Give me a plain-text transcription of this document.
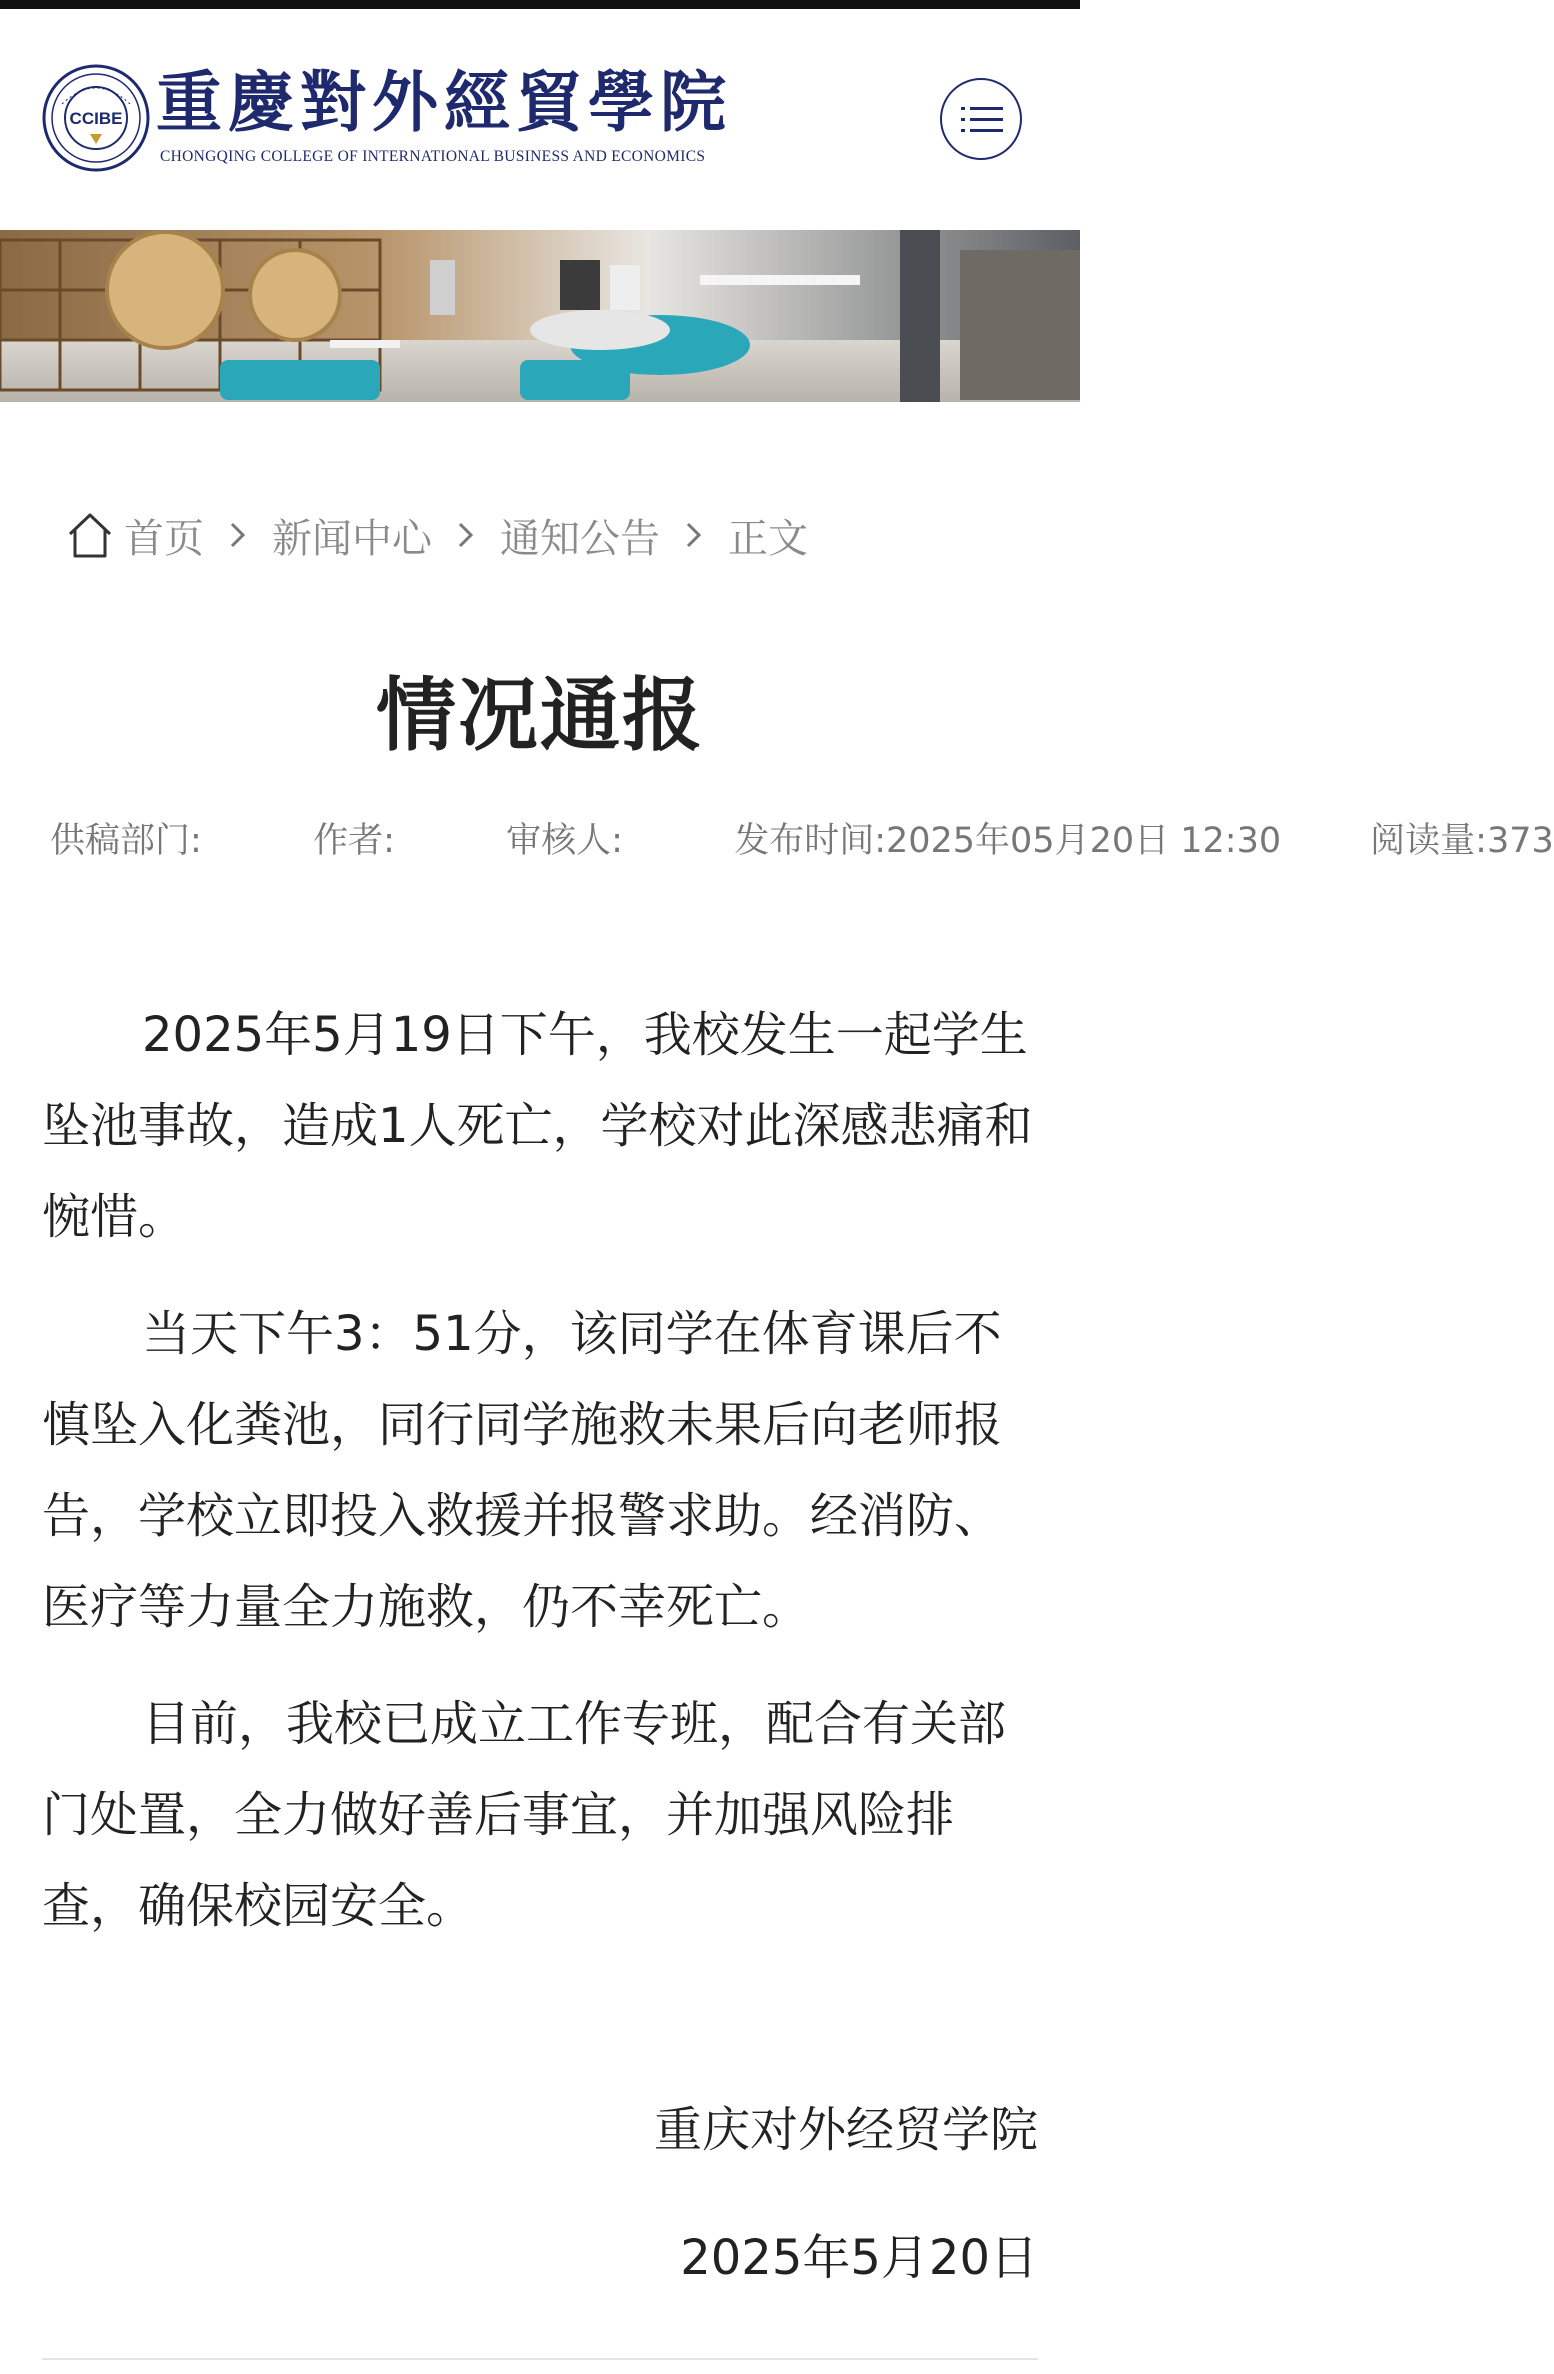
CCIBE 重慶對外經貿學院
CHONGQING COLLEGE OF INTERNATIONAL BUSINESS AND ECONOMICS
首页 新闻中心 通知公告 正文
情况通报
供稿部门:	作者:	审核人:	发布时间:2025年05月20日 12:30	阅读量:373

2025年5月19日下午，我校发生一起学生坠池事故，造成1人死亡，学校对此深感悲痛和惋惜。

当天下午3：51分，该同学在体育课后不慎坠入化粪池，同行同学施救未果后向老师报告，学校立即投入救援并报警求助。经消防、医疗等力量全力施救，仍不幸死亡。

目前，我校已成立工作专班，配合有关部门处置，全力做好善后事宜，并加强风险排查，确保校园安全。

重庆对外经贸学院
2025年5月20日
